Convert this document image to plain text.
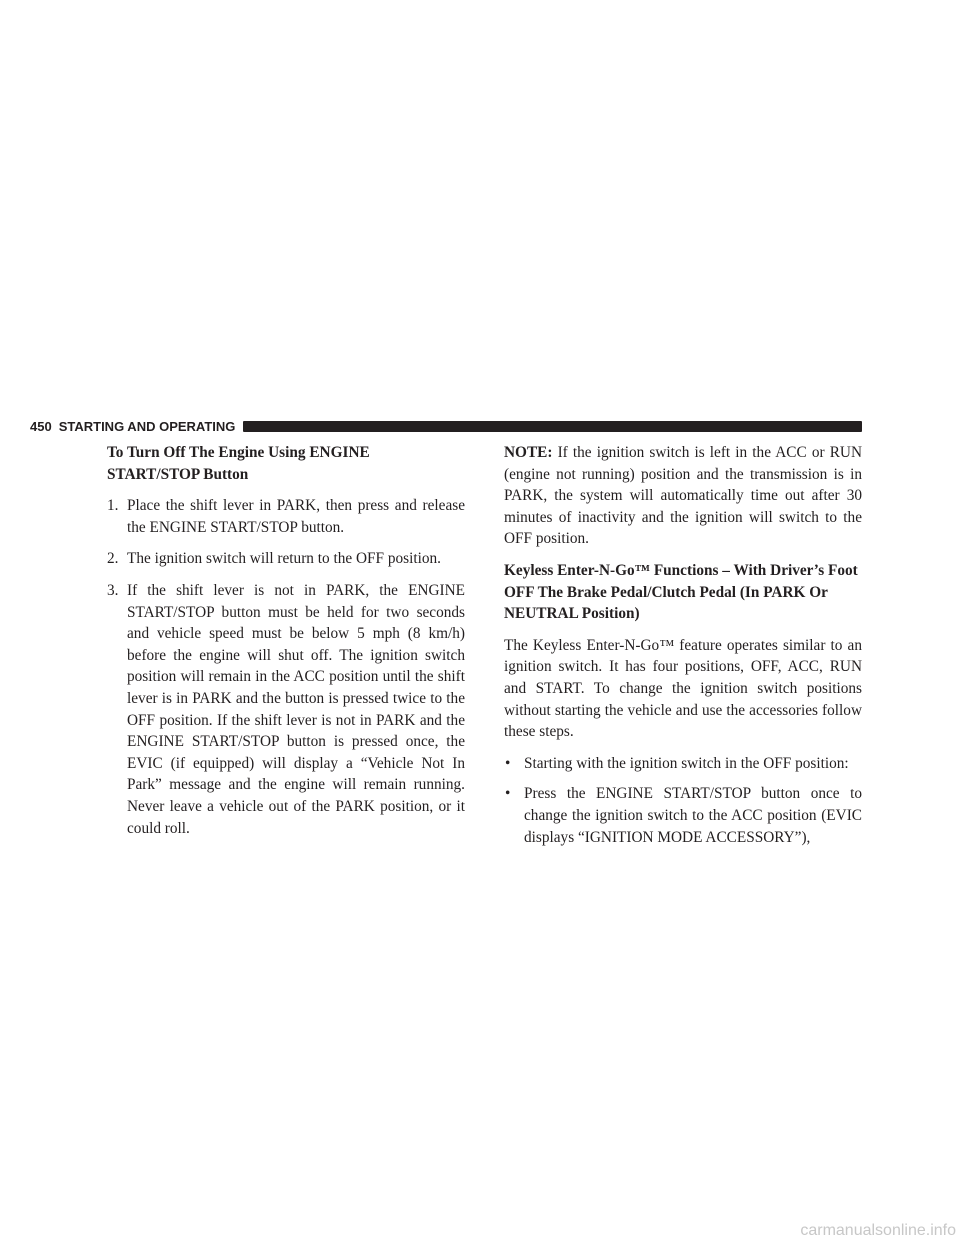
450 STARTING AND OPERATING
To Turn Off The Engine Using ENGINE START/STOP Button
1. Place the shift lever in PARK, then press and release the ENGINE START/STOP button.
2. The ignition switch will return to the OFF position.
3. If the shift lever is not in PARK, the ENGINE START/STOP button must be held for two seconds and vehicle speed must be below 5 mph (8 km/h) before the engine will shut off. The ignition switch position will remain in the ACC position until the shift lever is in PARK and the button is pressed twice to the OFF position. If the shift lever is not in PARK and the ENGINE START/STOP button is pressed once, the EVIC (if equipped) will display a “Vehicle Not In Park” message and the engine will remain running. Never leave a vehicle out of the PARK position, or it could roll.

NOTE: If the ignition switch is left in the ACC or RUN (engine not running) position and the transmission is in PARK, the system will automatically time out after 30 minutes of inactivity and the ignition will switch to the OFF position.

Keyless Enter-N-Go™ Functions – With Driver’s Foot OFF The Brake Pedal/Clutch Pedal (In PARK Or NEUTRAL Position)

The Keyless Enter-N-Go™ feature operates similar to an ignition switch. It has four positions, OFF, ACC, RUN and START. To change the ignition switch positions without starting the vehicle and use the accessories follow these steps.

• Starting with the ignition switch in the OFF position:
• Press the ENGINE START/STOP button once to change the ignition switch to the ACC position (EVIC displays “IGNITION MODE ACCESSORY”),
carmanualsonline.info
